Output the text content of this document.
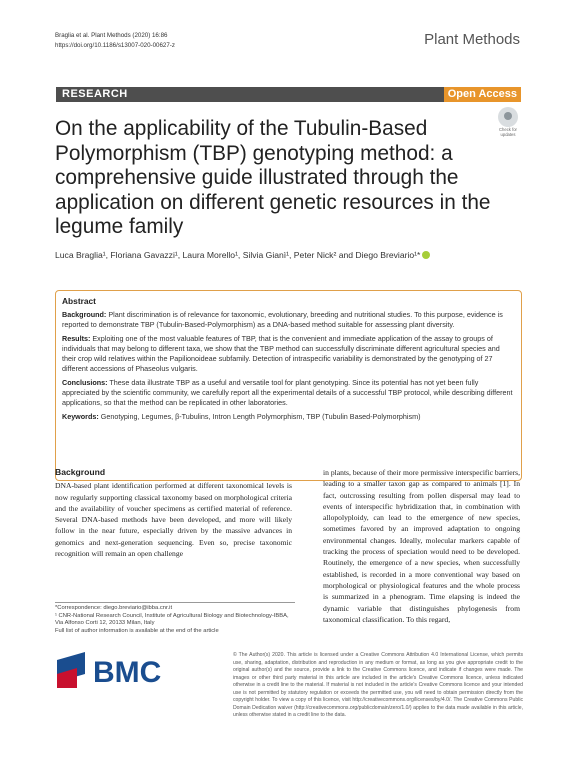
Braglia et al. Plant Methods (2020) 16:86
https://doi.org/10.1186/s13007-020-00627-z	Plant Methods
RESEARCH	Open Access
Check for
updates
On the applicability of the Tubulin-Based Polymorphism (TBP) genotyping method: a comprehensive guide illustrated through the application on different genetic resources in the legume family
Luca Braglia¹, Floriana Gavazzi¹, Laura Morello¹, Silvia Gianì¹, Peter Nick² and Diego Breviario¹*
Abstract

Background: Plant discrimination is of relevance for taxonomic, evolutionary, breeding and nutritional studies. To this purpose, evidence is reported to demonstrate TBP (Tubulin-Based-Polymorphism) as a DNA-based method suitable for assessing plant diversity.

Results: Exploiting one of the most valuable features of TBP, that is the convenient and immediate application of the assay to groups of individuals that may belong to different taxa, we show that the TBP method can successfully discriminate different agricultural species and their crop wild relatives within the Papilionoideae subfamily. Detection of intraspecific variability is demonstrated by the genotyping of 27 different accessions of Phaseolus vulgaris.

Conclusions: These data illustrate TBP as a useful and versatile tool for plant genotyping. Since its potential has not yet been fully appreciated by the scientific community, we carefully report all the experimental details of a successful TBP protocol, while describing different applications, so that the method can be replicated in other laboratories.

Keywords: Genotyping, Legumes, β-Tubulins, Intron Length Polymorphism, TBP (Tubulin Based-Polymorphism)

Background
DNA-based plant identification performed at different taxonomical levels is now regularly supporting classical taxonomy based on morphological criteria and the availability of voucher specimens as certified material of reference. Several DNA-based methods have been developed, and more will likely follow in the near future, especially driven by the massive advances in genomics and next-generation sequencing. Even so, precise taxonomic recognition will remain an open challenge
in plants, because of their more permissive interspecific barriers, leading to a smaller taxon gap as compared to animals [1]. In fact, outcrossing resulting from pollen dispersal may lead to events of interspecific hybridization that, in combination with allopolyploidy, can lead to the emergence of new species, sometimes favored by an improved adaptation to ongoing environmental changes. Ideally, molecular markers capable of tracking the process of speciation would need to be developed. Routinely, the emergence of a new species, when successfully established, is recorded in a more conventional way based on morphological or physiological features and the whole process is summarized in a phenogram. Time elapsing is indeed the dynamic variable that distinguishes phylogenesis from taxonomical classification. To this regard,
*Correspondence: diego.breviario@ibba.cnr.it
¹ CNR-National Research Council, Institute of Agricultural Biology and Biotechnology-IBBA, Via Alfonso Corti 12, 20133 Milan, Italy
Full list of author information is available at the end of the article
BMC
© The Author(s) 2020. This article is licensed under a Creative Commons Attribution 4.0 International License, which permits use, sharing, adaptation, distribution and reproduction in any medium or format, as long as you give appropriate credit to the original author(s) and the source, provide a link to the Creative Commons licence, and indicate if changes were made. The images or other third party material in this article are included in the article's Creative Commons licence, unless indicated otherwise in a credit line to the material. If material is not included in the article's Creative Commons licence and your intended use is not permitted by statutory regulation or exceeds the permitted use, you will need to obtain permission directly from the copyright holder. To view a copy of this licence, visit http://creativecommons.org/licenses/by/4.0/. The Creative Commons Public Domain Dedication waiver (http://creativecommons.org/publicdomain/zero/1.0/) applies to the data made available in this article, unless otherwise stated in a credit line to the data.
